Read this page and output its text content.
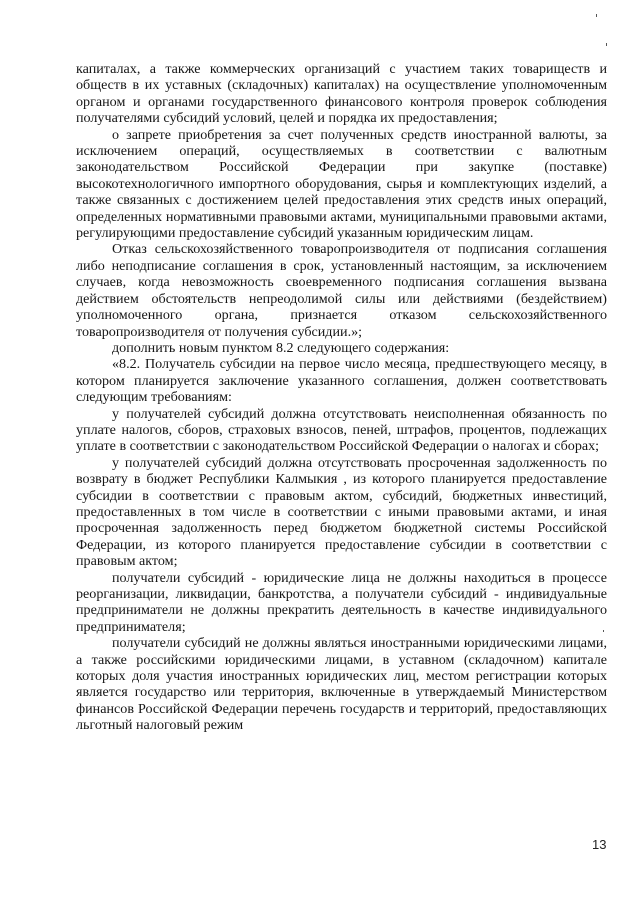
капиталах, а также коммерческих организаций с участием таких товариществ и обществ в их уставных (складочных) капиталах) на осуществление уполномоченным органом и органами государственного финансового контроля проверок соблюдения получателями субсидий условий, целей и порядка их предоставления;

о запрете приобретения за счет полученных средств иностранной валюты, за исключением операций, осуществляемых в соответствии с валютным законодательством Российской Федерации при закупке (поставке) высокотехнологичного импортного оборудования, сырья и комплектующих изделий, а также связанных с достижением целей предоставления этих средств иных операций, определенных нормативными правовыми актами, муниципальными правовыми актами, регулирующими предоставление субсидий указанным юридическим лицам.

Отказ сельскохозяйственного товаропроизводителя от подписания соглашения либо неподписание соглашения в срок, установленный настоящим, за исключением случаев, когда невозможность своевременного подписания соглашения вызвана действием обстоятельств непреодолимой силы или действиями (бездействием) уполномоченного органа, признается отказом сельскохозяйственного товаропроизводителя от получения субсидии.»;

дополнить новым пунктом 8.2 следующего содержания:

«8.2. Получатель субсидии на первое число месяца, предшествующего месяцу, в котором планируется заключение указанного соглашения, должен соответствовать следующим требованиям:

у получателей субсидий должна отсутствовать неисполненная обязанность по уплате налогов, сборов, страховых взносов, пеней, штрафов, процентов, подлежащих уплате в соответствии с законодательством Российской Федерации о налогах и сборах;

у получателей субсидий должна отсутствовать просроченная задолженность по возврату в бюджет Республики Калмыкия , из которого планируется предоставление субсидии в соответствии с правовым актом, субсидий, бюджетных инвестиций, предоставленных в том числе в соответствии с иными правовыми актами, и иная просроченная задолженность перед бюджетом бюджетной системы Российской Федерации, из которого планируется предоставление субсидии в соответствии с правовым актом;

получатели субсидий - юридические лица не должны находиться в процессе реорганизации, ликвидации, банкротства, а получатели субсидий - индивидуальные предприниматели не должны прекратить деятельность в качестве индивидуального предпринимателя;

получатели субсидий не должны являться иностранными юридическими лицами, а также российскими юридическими лицами, в уставном (складочном) капитале которых доля участия иностранных юридических лиц, местом регистрации которых является государство или территория, включенные в утверждаемый Министерством финансов Российской Федерации перечень государств и территорий, предоставляющих льготный налоговый режим

13
